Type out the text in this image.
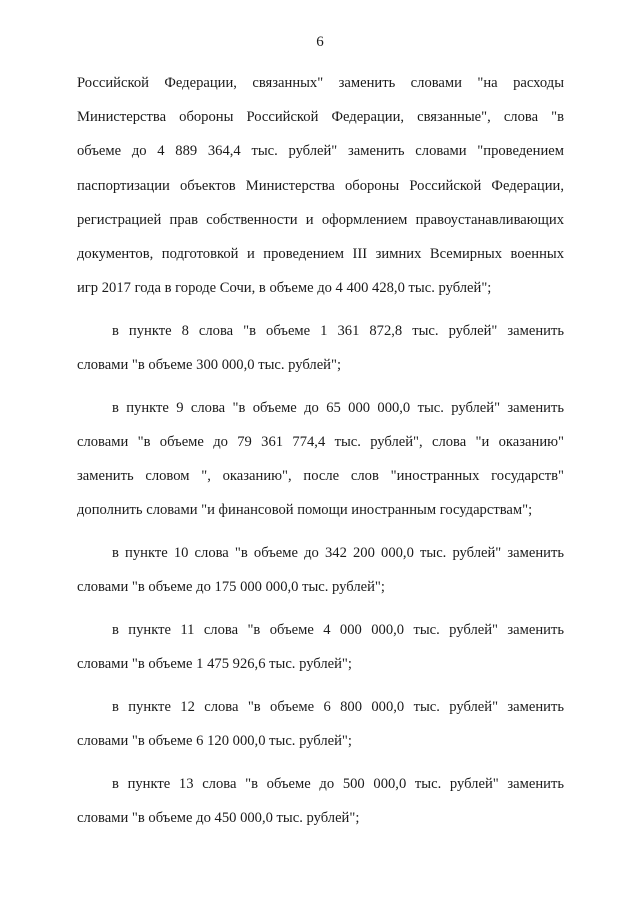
6
Российской Федерации, связанных" заменить словами "на расходы
Министерства обороны Российской Федерации, связанные", слова "в
объеме до 4 889 364,4 тыс. рублей" заменить словами "проведением
паспортизации объектов Министерства обороны Российской Федерации,
регистрацией прав собственности и оформлением правоустанавливающих
документов, подготовкой и проведением III зимних Всемирных военных
игр 2017 года в городе Сочи, в объеме до 4 400 428,0 тыс. рублей";
в пункте 8 слова "в объеме 1 361 872,8 тыс. рублей" заменить
словами "в объеме 300 000,0 тыс. рублей";
в пункте 9 слова "в объеме до 65 000 000,0 тыс. рублей" заменить
словами "в объеме до 79 361 774,4 тыс. рублей", слова "и оказанию"
заменить словом ", оказанию", после слов "иностранных государств"
дополнить словами "и финансовой помощи иностранным государствам";
в пункте 10 слова "в объеме до 342 200 000,0 тыс. рублей" заменить
словами "в объеме до 175 000 000,0 тыс. рублей";
в пункте 11 слова "в объеме 4 000 000,0 тыс. рублей" заменить
словами "в объеме 1 475 926,6 тыс. рублей";
в пункте 12 слова "в объеме 6 800 000,0 тыс. рублей" заменить
словами "в объеме 6 120 000,0 тыс. рублей";
в пункте 13 слова "в объеме до 500 000,0 тыс. рублей" заменить
словами "в объеме до 450 000,0 тыс. рублей";
